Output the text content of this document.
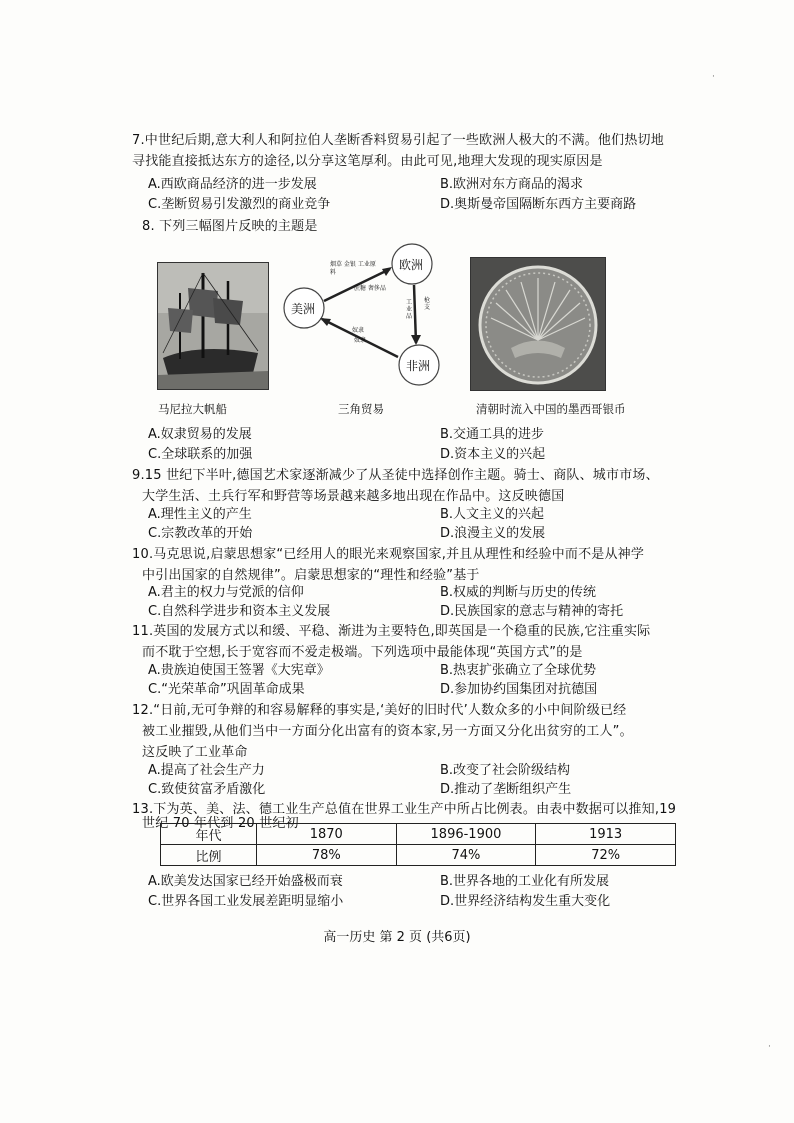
7.中世纪后期,意大利人和阿拉伯人垄断香料贸易引起了一些欧洲人极大的不满。他们热切地
寻找能直接抵达东方的途径,以分享这笔厚利。由此可见,地理大发现的现实原因是
A.西欧商品经济的进一步发展	B.欧洲对东方商品的渴求
C.垄断贸易引发激烈的商业竞争	D.奥斯曼帝国隔断东西方主要商路
8. 下列三幅图片反映的主题是
欧洲
美洲
非洲
烟草 金银 工业原料
蔗糖 奢侈品
工业品
枪支
奴隶
奴隶
马尼拉大帆船	三角贸易	清朝时流入中国的墨西哥银币
A.奴隶贸易的发展	B.交通工具的进步
C.全球联系的加强	D.资本主义的兴起
9.15 世纪下半叶,德国艺术家逐渐减少了从圣徒中选择创作主题。骑士、商队、城市市场、
大学生活、土兵行军和野营等场景越来越多地出现在作品中。这反映德国
A.理性主义的产生	B.人文主义的兴起
C.宗教改革的开始	D.浪漫主义的发展
10.马克思说,启蒙思想家“已经用人的眼光来观察国家,并且从理性和经验中而不是从神学
中引出国家的自然规律”。启蒙思想家的“理性和经验”基于
A.君主的权力与党派的信仰	B.权威的判断与历史的传统
C.自然科学进步和资本主义发展	D.民族国家的意志与精神的寄托
11.英国的发展方式以和缓、平稳、渐进为主要特色,即英国是一个稳重的民族,它注重实际
而不耽于空想,长于宽容而不爱走极端。下列选项中最能体现“英国方式”的是
A.贵族迫使国王签署《大宪章》	B.热衷扩张确立了全球优势
C.“光荣革命”巩固革命成果	D.参加协约国集团对抗德国
12.“日前,无可争辩的和容易解释的事实是,‘美好的旧时代’人数众多的小中间阶级已经
被工业摧毁,从他们当中一方面分化出富有的资本家,另一方面又分化出贫穷的工人”。
这反映了工业革命
A.提高了社会生产力	B.改变了社会阶级结构
C.致使贫富矛盾激化	D.推动了垄断组织产生
13.下为英、美、法、德工业生产总值在世界工业生产中所占比例表。由表中数据可以推知,19
世纪 70 年代到 20 世纪初
年代	1870	1896-1900	1913
比例	78%	74%	72%
A.欧美发达国家已经开始盛极而衰	B.世界各地的工业化有所发展
C.世界各国工业发展差距明显缩小	D.世界经济结构发生重大变化
高一历史 第 2 页 (共6页)
‧
‧
